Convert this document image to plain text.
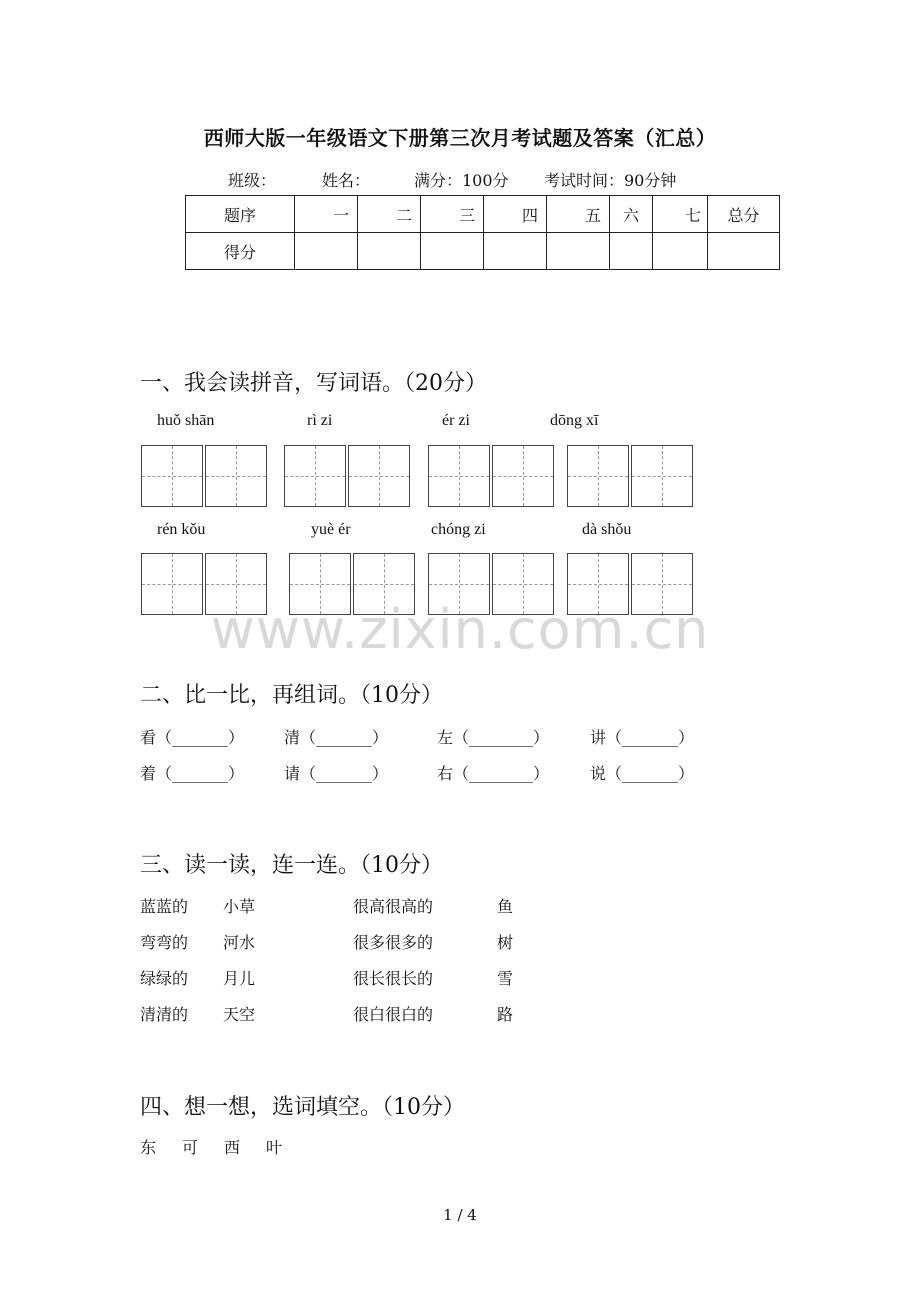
西师大版一年级语文下册第三次月考试题及答案（汇总）
班级：	姓名：	满分：100分 考试时间：90分钟
题序	一	二	三	四	五	六	七	总分
得分								
一、我会读拼音，写词语。（20分）
huǒ shān	rì zi	ér zi	dōng xī
rén kǒu	yuè ér	chóng zi	dà shǒu
www.zixin.com.cn
二、比一比，再组词。（10分）
看（_______） 清（_______）	左（________）	讲（_______）
着（_______） 请（_______）	右（________）	说（_______）
三、读一读，连一连。（10分）
蓝蓝的 小草	很高很高的	鱼
弯弯的 河水	很多很多的	树
绿绿的 月儿	很长很长的	雪
清清的 天空	很白很白的	路
四、想一想，选词填空。（10分）
东 可 西 叶
1 / 4
